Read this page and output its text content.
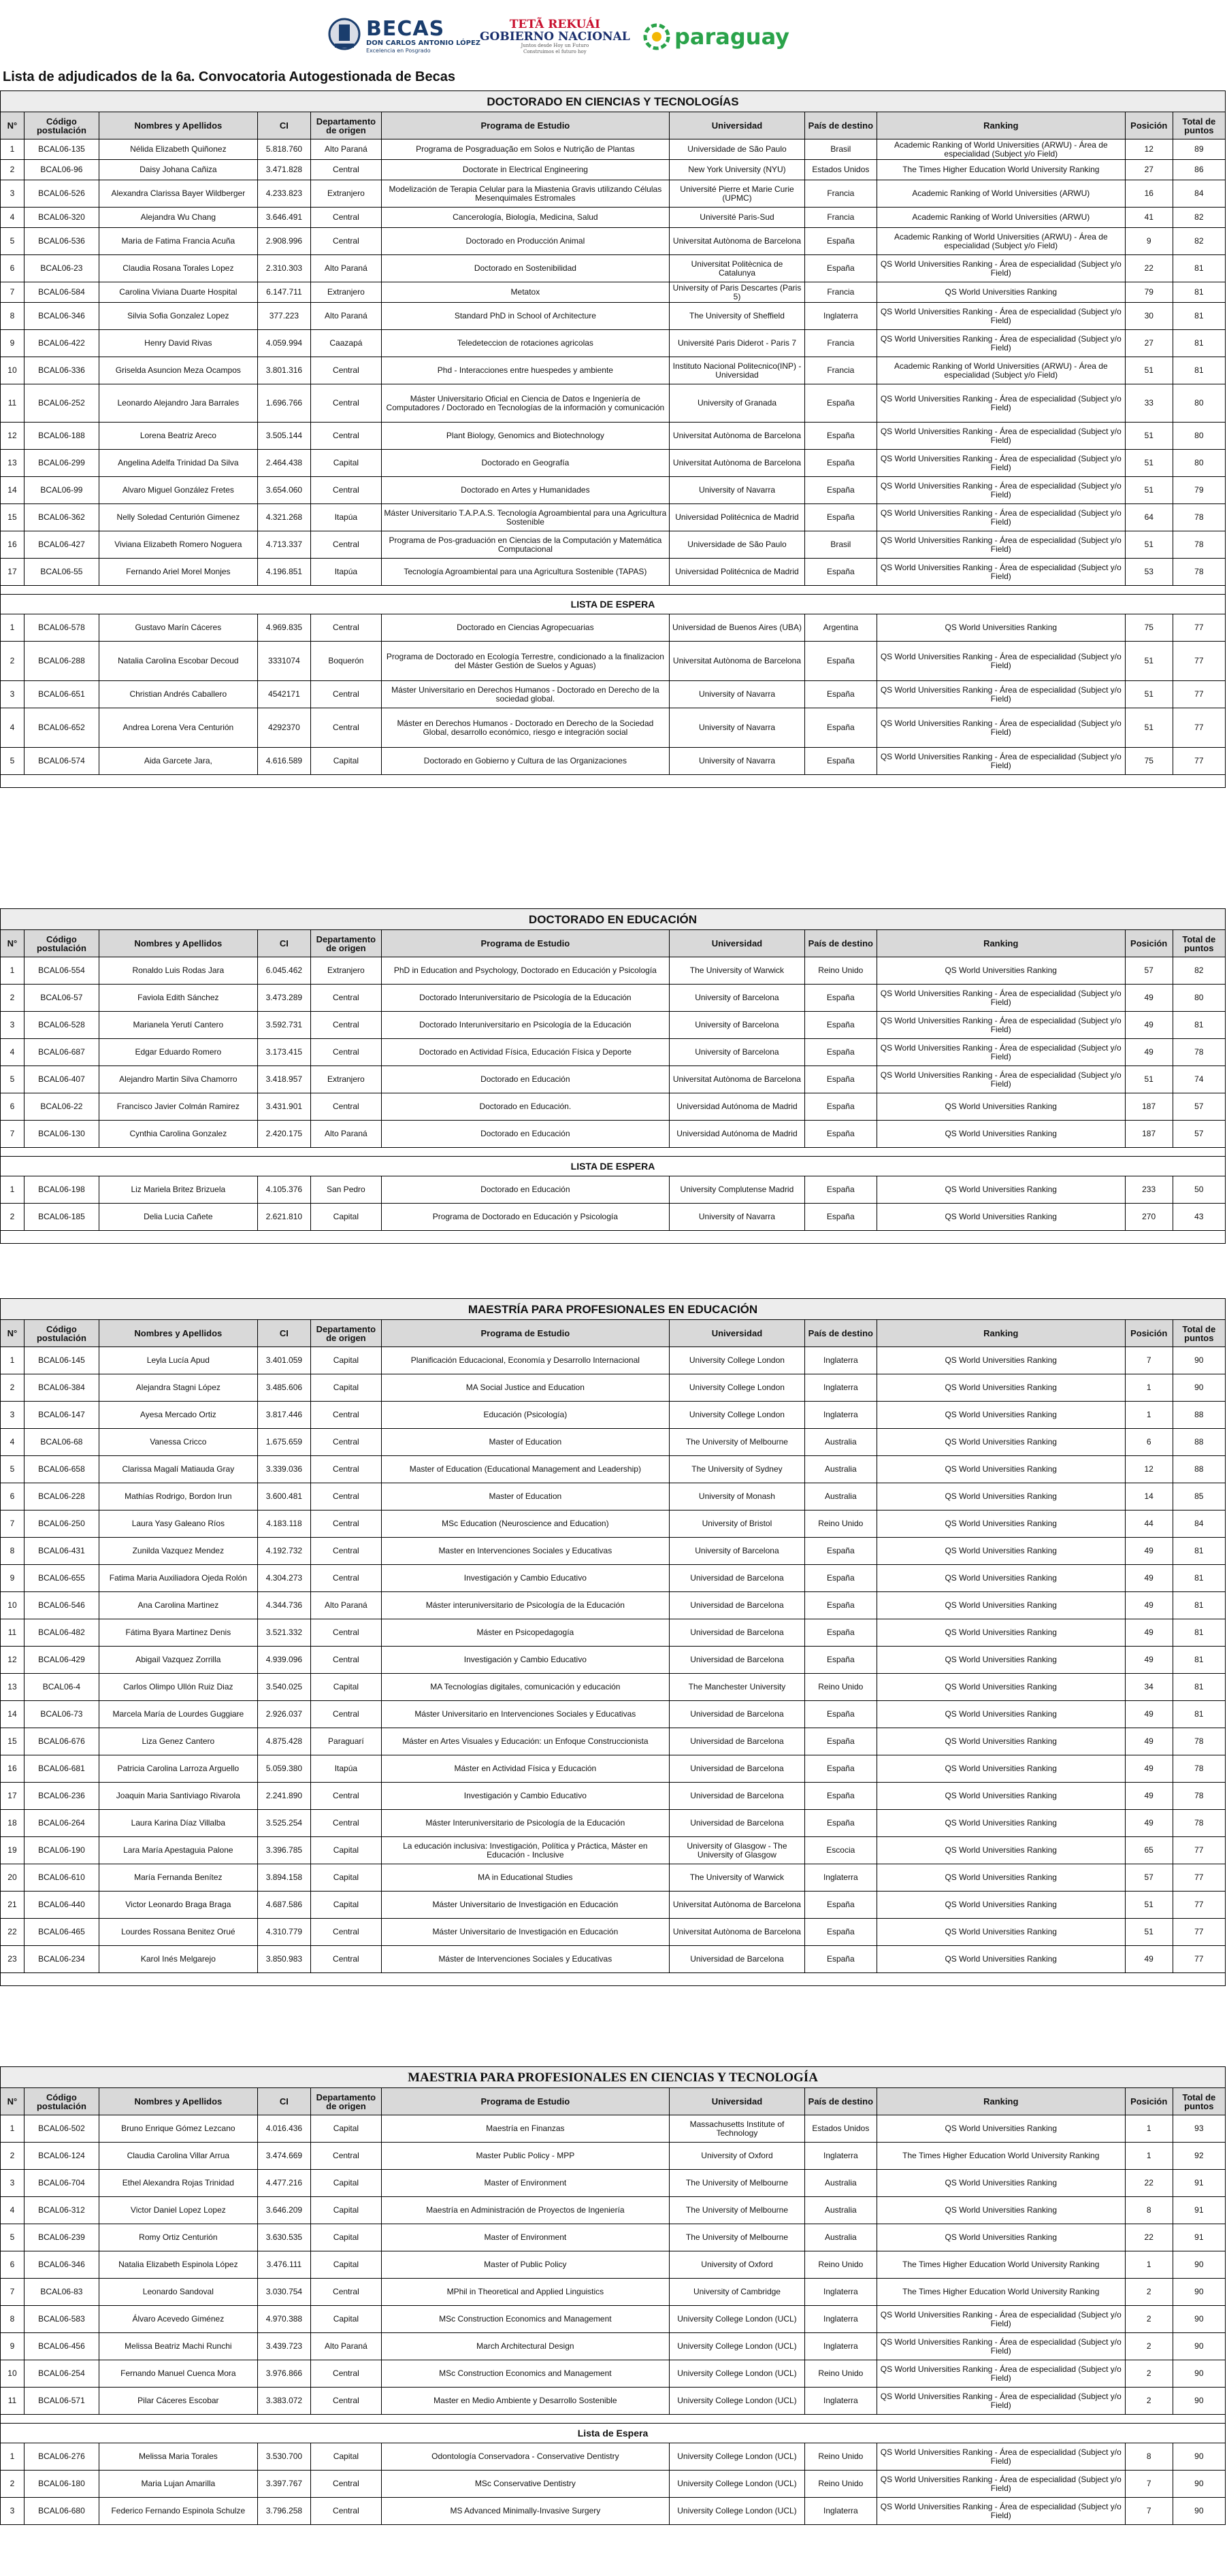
BECAS
DON CARLOS ANTONIO LÓPEZ
Excelencia en Posgrado
TETÃ REKUÁI
GOBIERNO NACIONAL
Juntos desde Hoy un Futuro
Construimos el futuro hoy
paraguay
Lista de adjudicados de la 6a. Convocatoria Autogestionada de Becas
DOCTORADO EN CIENCIAS Y TECNOLOGÍAS										
N°	Código postulación	Nombres y Apellidos	CI	Departamento de origen	Programa de Estudio	Universidad	País de destino	Ranking	Posición	Total de puntos
1	BCAL06-135	Nélida Elizabeth Quiñonez	5.818.760	Alto Paraná	Programa de Posgraduação em Solos e Nutrição de Plantas	Universidade de São Paulo	Brasil	Academic Ranking of World Universities (ARWU) - Área de especialidad (Subject y/o Field)	12	89
2	BCAL06-96	Daisy Johana Cañiza	3.471.828	Central	Doctorate in Electrical Engineering	New York University (NYU)	Estados Unidos	The Times Higher Education World University Ranking	27	86
3	BCAL06-526	Alexandra Clarissa Bayer Wildberger	4.233.823	Extranjero	Modelización de Terapia Celular para la Miastenia Gravis utilizando Células Mesenquimales Estromales	Université Pierre et Marie Curie (UPMC)	Francia	Academic Ranking of World Universities (ARWU)	16	84
4	BCAL06-320	Alejandra Wu Chang	3.646.491	Central	Cancerología, Biología, Medicina, Salud	Université Paris-Sud	Francia	Academic Ranking of World Universities (ARWU)	41	82
5	BCAL06-536	Maria de Fatima Francia Acuña	2.908.996	Central	Doctorado en Producción Animal	Universitat Autònoma de Barcelona	España	Academic Ranking of World Universities (ARWU) - Área de especialidad (Subject y/o Field)	9	82
6	BCAL06-23	Claudia Rosana Torales Lopez	2.310.303	Alto Paraná	Doctorado en Sostenibilidad	Universitat Politècnica de Catalunya	España	QS World Universities Ranking - Área de especialidad (Subject y/o Field)	22	81
7	BCAL06-584	Carolina Viviana Duarte Hospital	6.147.711	Extranjero	Metatox	University of Paris Descartes (Paris 5)	Francia	QS World Universities Ranking	79	81
8	BCAL06-346	Silvia Sofia Gonzalez Lopez	377.223	Alto Paraná	Standard PhD in School of Architecture	The University of Sheffield	Inglaterra	QS World Universities Ranking - Área de especialidad (Subject y/o Field)	30	81
9	BCAL06-422	Henry David Rivas	4.059.994	Caazapá	Teledeteccion de rotaciones agricolas	Université Paris Diderot - Paris 7	Francia	QS World Universities Ranking - Área de especialidad (Subject y/o Field)	27	81
10	BCAL06-336	Griselda Asuncion Meza Ocampos	3.801.316	Central	Phd - Interacciones entre huespedes y ambiente	Instituto Nacional Politecnico(INP) - Universidad	Francia	Academic Ranking of World Universities (ARWU) - Área de especialidad (Subject y/o Field)	51	81
11	BCAL06-252	Leonardo Alejandro Jara Barrales	1.696.766	Central	Máster Universitario Oficial en Ciencia de Datos e Ingeniería de Computadores / Doctorado en Tecnologías de la información y comunicación	University of Granada	España	QS World Universities Ranking - Área de especialidad (Subject y/o Field)	33	80
12	BCAL06-188	Lorena Beatriz Areco	3.505.144	Central	Plant Biology, Genomics and Biotechnology	Universitat Autònoma de Barcelona	España	QS World Universities Ranking - Área de especialidad (Subject y/o Field)	51	80
13	BCAL06-299	Angelina Adelfa Trinidad Da Silva	2.464.438	Capital	Doctorado en Geografía	Universitat Autònoma de Barcelona	España	QS World Universities Ranking - Área de especialidad (Subject y/o Field)	51	80
14	BCAL06-99	Alvaro Miguel González Fretes	3.654.060	Central	Doctorado en Artes y Humanidades	University of Navarra	España	QS World Universities Ranking - Área de especialidad (Subject y/o Field)	51	79
15	BCAL06-362	Nelly Soledad Centurión Gimenez	4.321.268	Itapúa	Máster Universitario T.A.P.A.S. Tecnología Agroambiental para una Agricultura Sostenible	Universidad Politécnica de Madrid	España	QS World Universities Ranking - Área de especialidad (Subject y/o Field)	64	78
16	BCAL06-427	Viviana Elizabeth Romero Noguera	4.713.337	Central	Programa de Pos-graduación en Ciencias de la Computación y Matemática Computacional	Universidade de São Paulo	Brasil	QS World Universities Ranking - Área de especialidad (Subject y/o Field)	51	78
17	BCAL06-55	Fernando Ariel Morel Monjes	4.196.851	Itapúa	Tecnología Agroambiental para una Agricultura Sostenible (TAPAS)	Universidad Politécnica de Madrid	España	QS World Universities Ranking - Área de especialidad (Subject y/o Field)	53	78

LISTA DE ESPERA										
1	BCAL06-578	Gustavo Marín Cáceres	4.969.835	Central	Doctorado en Ciencias Agropecuarias	Universidad de Buenos Aires (UBA)	Argentina	QS World Universities Ranking	75	77
2	BCAL06-288	Natalia Carolina Escobar Decoud	3331074	Boquerón	Programa de Doctorado en Ecología Terrestre, condicionado a la finalizacion del Máster Gestión de Suelos y Aguas)	Universitat Autònoma de Barcelona	España	QS World Universities Ranking - Área de especialidad (Subject y/o Field)	51	77
3	BCAL06-651	Christian Andrés Caballero	4542171	Central	Máster Universitario en Derechos Humanos - Doctorado en Derecho de la sociedad global.	University of Navarra	España	QS World Universities Ranking - Área de especialidad (Subject y/o Field)	51	77
4	BCAL06-652	Andrea Lorena Vera Centurión	4292370	Central	Máster en Derechos Humanos - Doctorado en Derecho de la Sociedad Global, desarrollo económico, riesgo e integración social	University of Navarra	España	QS World Universities Ranking - Área de especialidad (Subject y/o Field)	51	77
5	BCAL06-574	Aida Garcete Jara,	4.616.589	Capital	Doctorado en Gobierno y Cultura de las Organizaciones	University of Navarra	España	QS World Universities Ranking - Área de especialidad (Subject y/o Field)	75	77

DOCTORADO EN EDUCACIÓN										
N°	Código postulación	Nombres y Apellidos	CI	Departamento de origen	Programa de Estudio	Universidad	País de destino	Ranking	Posición	Total de puntos
1	BCAL06-554	Ronaldo Luis Rodas Jara	6.045.462	Extranjero	PhD in Education and Psychology, Doctorado en Educación y Psicología	The University of Warwick	Reino Unido	QS World Universities Ranking	57	82
2	BCAL06-57	Faviola Edith Sánchez	3.473.289	Central	Doctorado Interuniversitario de Psicología de la Educación	University of Barcelona	España	QS World Universities Ranking - Área de especialidad (Subject y/o Field)	49	80
3	BCAL06-528	Marianela Yerutí Cantero	3.592.731	Central	Doctorado Interuniversitario en Psicología de la Educación	University of Barcelona	España	QS World Universities Ranking - Área de especialidad (Subject y/o Field)	49	81
4	BCAL06-687	Edgar Eduardo Romero	3.173.415	Central	Doctorado en Actividad Física, Educación Física y Deporte	University of Barcelona	España	QS World Universities Ranking - Área de especialidad (Subject y/o Field)	49	78
5	BCAL06-407	Alejandro Martin Silva Chamorro	3.418.957	Extranjero	Doctorado en Educación	Universitat Autònoma de Barcelona	España	QS World Universities Ranking - Área de especialidad (Subject y/o Field)	51	74
6	BCAL06-22	Francisco Javier Colmán Ramirez	3.431.901	Central	Doctorado en Educación.	Universidad Autónoma de Madrid	España	QS World Universities Ranking	187	57
7	BCAL06-130	Cynthia Carolina Gonzalez	2.420.175	Alto Paraná	Doctorado en Educación	Universidad Autónoma de Madrid	España	QS World Universities Ranking	187	57

LISTA DE ESPERA										
1	BCAL06-198	Liz Mariela Britez Brizuela	4.105.376	San Pedro	Doctorado en Educación	University Complutense Madrid	España	QS World Universities Ranking	233	50
2	BCAL06-185	Delia Lucia Cañete	2.621.810	Capital	Programa de Doctorado en Educación y Psicología	University of Navarra	España	QS World Universities Ranking	270	43

MAESTRÍA PARA PROFESIONALES EN EDUCACIÓN										
N°	Código postulación	Nombres y Apellidos	CI	Departamento de origen	Programa de Estudio	Universidad	País de destino	Ranking	Posición	Total de puntos
1	BCAL06-145	Leyla Lucía Apud	3.401.059	Capital	Planificación Educacional, Economía y Desarrollo Internacional	University College London	Inglaterra	QS World Universities Ranking	7	90
2	BCAL06-384	Alejandra Stagni López	3.485.606	Capital	MA Social Justice and Education	University College London	Inglaterra	QS World Universities Ranking	1	90
3	BCAL06-147	Ayesa Mercado Ortiz	3.817.446	Central	Educación (Psicología)	University College London	Inglaterra	QS World Universities Ranking	1	88
4	BCAL06-68	Vanessa Cricco	1.675.659	Central	Master of Education	The University of Melbourne	Australia	QS World Universities Ranking	6	88
5	BCAL06-658	Clarissa Magalí Matiauda Gray	3.339.036	Central	Master of Education (Educational Management and Leadership)	The University of Sydney	Australia	QS World Universities Ranking	12	88
6	BCAL06-228	Mathías Rodrigo, Bordon Irun	3.600.481	Central	Master of Education	University of Monash	Australia	QS World Universities Ranking	14	85
7	BCAL06-250	Laura Yasy Galeano Ríos	4.183.118	Central	MSc Education (Neuroscience and Education)	University of Bristol	Reino Unido	QS World Universities Ranking	44	84
8	BCAL06-431	Zunilda Vazquez Mendez	4.192.732	Central	Master en Intervenciones Sociales y Educativas	University of Barcelona	España	QS World Universities Ranking	49	81
9	BCAL06-655	Fatima Maria Auxiliadora Ojeda Rolón	4.304.273	Central	Investigación y Cambio Educativo	Universidad de Barcelona	España	QS World Universities Ranking	49	81
10	BCAL06-546	Ana Carolina Martinez	4.344.736	Alto Paraná	Máster interuniversitario de Psicología de la Educación	Universidad de Barcelona	España	QS World Universities Ranking	49	81
11	BCAL06-482	Fátima Byara Martinez Denis	3.521.332	Central	Máster en Psicopedagogía	Universidad de Barcelona	España	QS World Universities Ranking	49	81
12	BCAL06-429	Abigail Vazquez Zorrilla	4.939.096	Central	Investigación y Cambio Educativo	Universidad de Barcelona	España	QS World Universities Ranking	49	81
13	BCAL06-4	Carlos Olimpo Ullón Ruiz Diaz	3.540.025	Capital	MA Tecnologías digitales, comunicación y educación	The Manchester University	Reino Unido	QS World Universities Ranking	34	81
14	BCAL06-73	Marcela María de Lourdes Guggiare	2.926.037	Central	Máster Universitario en Intervenciones Sociales y Educativas	Universidad de Barcelona	España	QS World Universities Ranking	49	81
15	BCAL06-676	Liza Genez Cantero	4.875.428	Paraguarí	Máster en Artes Visuales y Educación: un Enfoque Construccionista	Universidad de Barcelona	España	QS World Universities Ranking	49	78
16	BCAL06-681	Patricia Carolina Larroza Arguello	5.059.380	Itapúa	Máster en Actividad Física y Educación	Universidad de Barcelona	España	QS World Universities Ranking	49	78
17	BCAL06-236	Joaquin Maria Santiviago Rivarola	2.241.890	Central	Investigación y Cambio Educativo	Universidad de Barcelona	España	QS World Universities Ranking	49	78
18	BCAL06-264	Laura Karina Díaz Villalba	3.525.254	Central	Máster Interuniversitario de Psicología de la Educación	Universidad de Barcelona	España	QS World Universities Ranking	49	78
19	BCAL06-190	Lara María Apestaguia Palone	3.396.785	Capital	La educación inclusiva: Investigación, Política y Práctica, Máster en Educación - Inclusive	University of Glasgow - The University of Glasgow	Escocia	QS World Universities Ranking	65	77
20	BCAL06-610	María Fernanda Benítez	3.894.158	Capital	MA in Educational Studies	The University of Warwick	Inglaterra	QS World Universities Ranking	57	77
21	BCAL06-440	Victor Leonardo Braga Braga	4.687.586	Capital	Máster Universitario de Investigación en Educación	Universitat Autònoma de Barcelona	España	QS World Universities Ranking	51	77
22	BCAL06-465	Lourdes Rossana Benitez Orué	4.310.779	Central	Máster Universitario de Investigación en Educación	Universitat Autònoma de Barcelona	España	QS World Universities Ranking	51	77
23	BCAL06-234	Karol Inés Melgarejo	3.850.983	Central	Máster de Intervenciones Sociales y Educativas	Universidad de Barcelona	España	QS World Universities Ranking	49	77

MAESTRIA PARA PROFESIONALES EN CIENCIAS Y TECNOLOGÍA										
N°	Código postulación	Nombres y Apellidos	CI	Departamento de origen	Programa de Estudio	Universidad	País de destino	Ranking	Posición	Total de puntos
1	BCAL06-502	Bruno Enrique Gómez Lezcano	4.016.436	Capital	Maestría en Finanzas	Massachusetts Institute of Technology	Estados Unidos	QS World Universities Ranking	1	93
2	BCAL06-124	Claudia Carolina Villar Arrua	3.474.669	Central	Master Public Policy - MPP	University of Oxford	Inglaterra	The Times Higher Education World University Ranking	1	92
3	BCAL06-704	Ethel Alexandra Rojas Trinidad	4.477.216	Capital	Master of Environment	The University of Melbourne	Australia	QS World Universities Ranking	22	91
4	BCAL06-312	Victor Daniel Lopez Lopez	3.646.209	Capital	Maestría en Administración de Proyectos de Ingeniería	The University of Melbourne	Australia	QS World Universities Ranking	8	91
5	BCAL06-239	Romy Ortiz Centurión	3.630.535	Capital	Master of Environment	The University of Melbourne	Australia	QS World Universities Ranking	22	91
6	BCAL06-346	Natalia Elizabeth Espinola López	3.476.111	Capital	Master of Public Policy	University of Oxford	Reino Unido	The Times Higher Education World University Ranking	1	90
7	BCAL06-83	Leonardo Sandoval	3.030.754	Central	MPhil in Theoretical and Applied Linguistics	University of Cambridge	Inglaterra	The Times Higher Education World University Ranking	2	90
8	BCAL06-583	Álvaro Acevedo Giménez	4.970.388	Capital	MSc Construction Economics and Management	University College London (UCL)	Inglaterra	QS World Universities Ranking - Área de especialidad (Subject y/o Field)	2	90
9	BCAL06-456	Melissa Beatriz Machi Runchi	3.439.723	Alto Paraná	March Architectural Design	University College London (UCL)	Inglaterra	QS World Universities Ranking - Área de especialidad (Subject y/o Field)	2	90
10	BCAL06-254	Fernando Manuel Cuenca Mora	3.976.866	Central	MSc Construction Economics and Management	University College London (UCL)	Reino Unido	QS World Universities Ranking - Área de especialidad (Subject y/o Field)	2	90
11	BCAL06-571	Pilar Cáceres Escobar	3.383.072	Central	Master en Medio Ambiente y Desarrollo Sostenible	University College London (UCL)	Inglaterra	QS World Universities Ranking - Área de especialidad (Subject y/o Field)	2	90

Lista de Espera										
1	BCAL06-276	Melissa Maria Torales	3.530.700	Capital	Odontología Conservadora - Conservative Dentistry	University College London (UCL)	Reino Unido	QS World Universities Ranking - Área de especialidad (Subject y/o Field)	8	90
2	BCAL06-180	Maria Lujan Amarilla	3.397.767	Central	MSc Conservative Dentistry	University College London (UCL)	Reino Unido	QS World Universities Ranking - Área de especialidad (Subject y/o Field)	7	90
3	BCAL06-680	Federico Fernando Espinola Schulze	3.796.258	Central	MS Advanced Minimally-Invasive Surgery	University College London (UCL)	Inglaterra	QS World Universities Ranking - Área de especialidad (Subject y/o Field)	7	90
